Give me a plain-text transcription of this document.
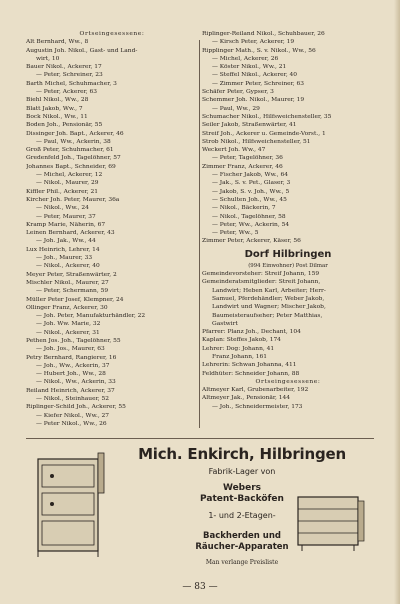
Ortseingesessene:
Alt Bernhard, Ww., 8
Augustin Joh. Nikol., Gast- und Land-
wirt, 10
Bauer Nikol., Ackerer, 17
— Peter, Schreiner, 23
Barth Michel, Schuhmacher, 3
— Peter, Ackerer, 63
Biehl Nikol., Ww., 28
Blatt Jakob, Ww., 7
Bock Nikol., Ww., 11
Boden Joh., Pensionär, 55
Dissinger Joh. Bapt., Ackerer, 46
— Paul, Ww., Ackerin, 38
Groß Peter, Schuhmacher, 61
Gredenfeld Joh., Tagelöhner, 57
Johannes Bapt., Schneider, 69
— Michel, Ackerer, 12
— Nikol., Maurer, 29
Kiffler Phil., Ackerer, 21
Kircher Joh. Peter, Maurer, 36a
— Nikol., Ww., 24
— Peter, Maurer, 37
Kramp Marie, Näherin, 67
Leinen Bernhard, Ackerer, 43
— Joh. Jak., Ww., 44
Lux Heinrich, Lehrer, 14
— Joh., Maurer, 33
— Nikol., Ackerer, 40
Meyer Peter, Straßenwärter, 2
Mischler Nikol., Maurer, 27
— Peter, Schermann, 59
Müller Peter Josef, Klempner, 24
Ollinger Franz, Ackerer, 30
— Joh. Peter, Manufakturhändler, 22
— Joh. Ww. Marie, 32
— Nikol., Ackerer, 31
Pethen Jos. Joh., Tagelöhner, 55
— Joh. Jos., Maurer, 63
Petry Bernhard, Rangierer, 16
— Joh., Ww., Ackerin, 37
— Hubert Joh., Ww., 28
— Nikol., Ww., Ackerin, 33
Reiland Heinrich, Ackerer, 37
— Nikol., Steinhauer, 52
Riplinger-Schild Joh., Ackerer, 55
— Kiefer Nikol., Ww., 27
— Peter Nikol., Ww., 26
Riplinger-Reiland Nikol., Schuhbauer, 26
— Kirsch Peter, Ackerer, 19
Ripplinger Math., S. v. Nikol., Ww., 56
— Michel, Ackerer, 26
— Köster Nikol., Ww., 21
— Steffel Nikol., Ackerer, 40
— Zimmer Peter, Schreiner, 63
Schäfer Peter, Gypser, 3
Schemmer Joh. Nikol., Maurer, 19
— Paul, Ww., 29
Schumacher Nikol., Hilfsweichensteller, 35
Seiler Jakob, Straßenwärter, 41
Streif Joh., Ackerer u. Gemeinde-Vorst., 1
Strob Nikol., Hilfsweichensteller, 51
Weckert Joh. Ww., 47
— Peter, Tagelöhner, 36
Zimmer Franz, Ackerer, 46
— Fischer Jakob, Ww., 64
— Jak., S. v. Pet., Glaser, 3
— Jakob, S. v. Joh., Ww., 5
— Schulten Joh., Ww., 45
— Nikol., Bäckerin, 7
— Nikol., Tagelöhner, 58
— Peter, Ww., Ackerin, 54
— Peter, Ww., 5
Zimmer Peter, Ackerer, Käser, 56
Dorf Hilbringen
(994 Einwohner) Post Dilmar
Gemeindevorsteher: Streif Johann, 159
Gemeinderatsmitglieder: Streit Johann,
Landwirt; Heben Karl, Arbeiter; Herr-
Samuel, Pferdehändler; Weber Jakob,
Landwirt und Wagner; Mischer Jakob,
Baumeisteraufseher; Peter Matthias,
Gastwirt
Pfarrer: Planz Joh., Dechant, 104
Kaplan: Steffes Jakob, 174
Lehrer: Dog: Johann, 41
Franz Johann, 161
Lehrerin: Schwan Johanna, 411
Feldhüter: Schneider Johann, 88
Ortseingesessene:
Altmeyer Karl, Grubenarbeiter, 192
Altmeyer Jak., Pensionär, 144
— Joh., Schneidermeister, 173
Mich. Enkirch, Hilbringen
Fabrik-Lager von
Webers
Patent-Backöfen
1- und 2-Etagen-
Backherden und
Räucher-Apparaten
Man verlange Preisliste
— 83 —
